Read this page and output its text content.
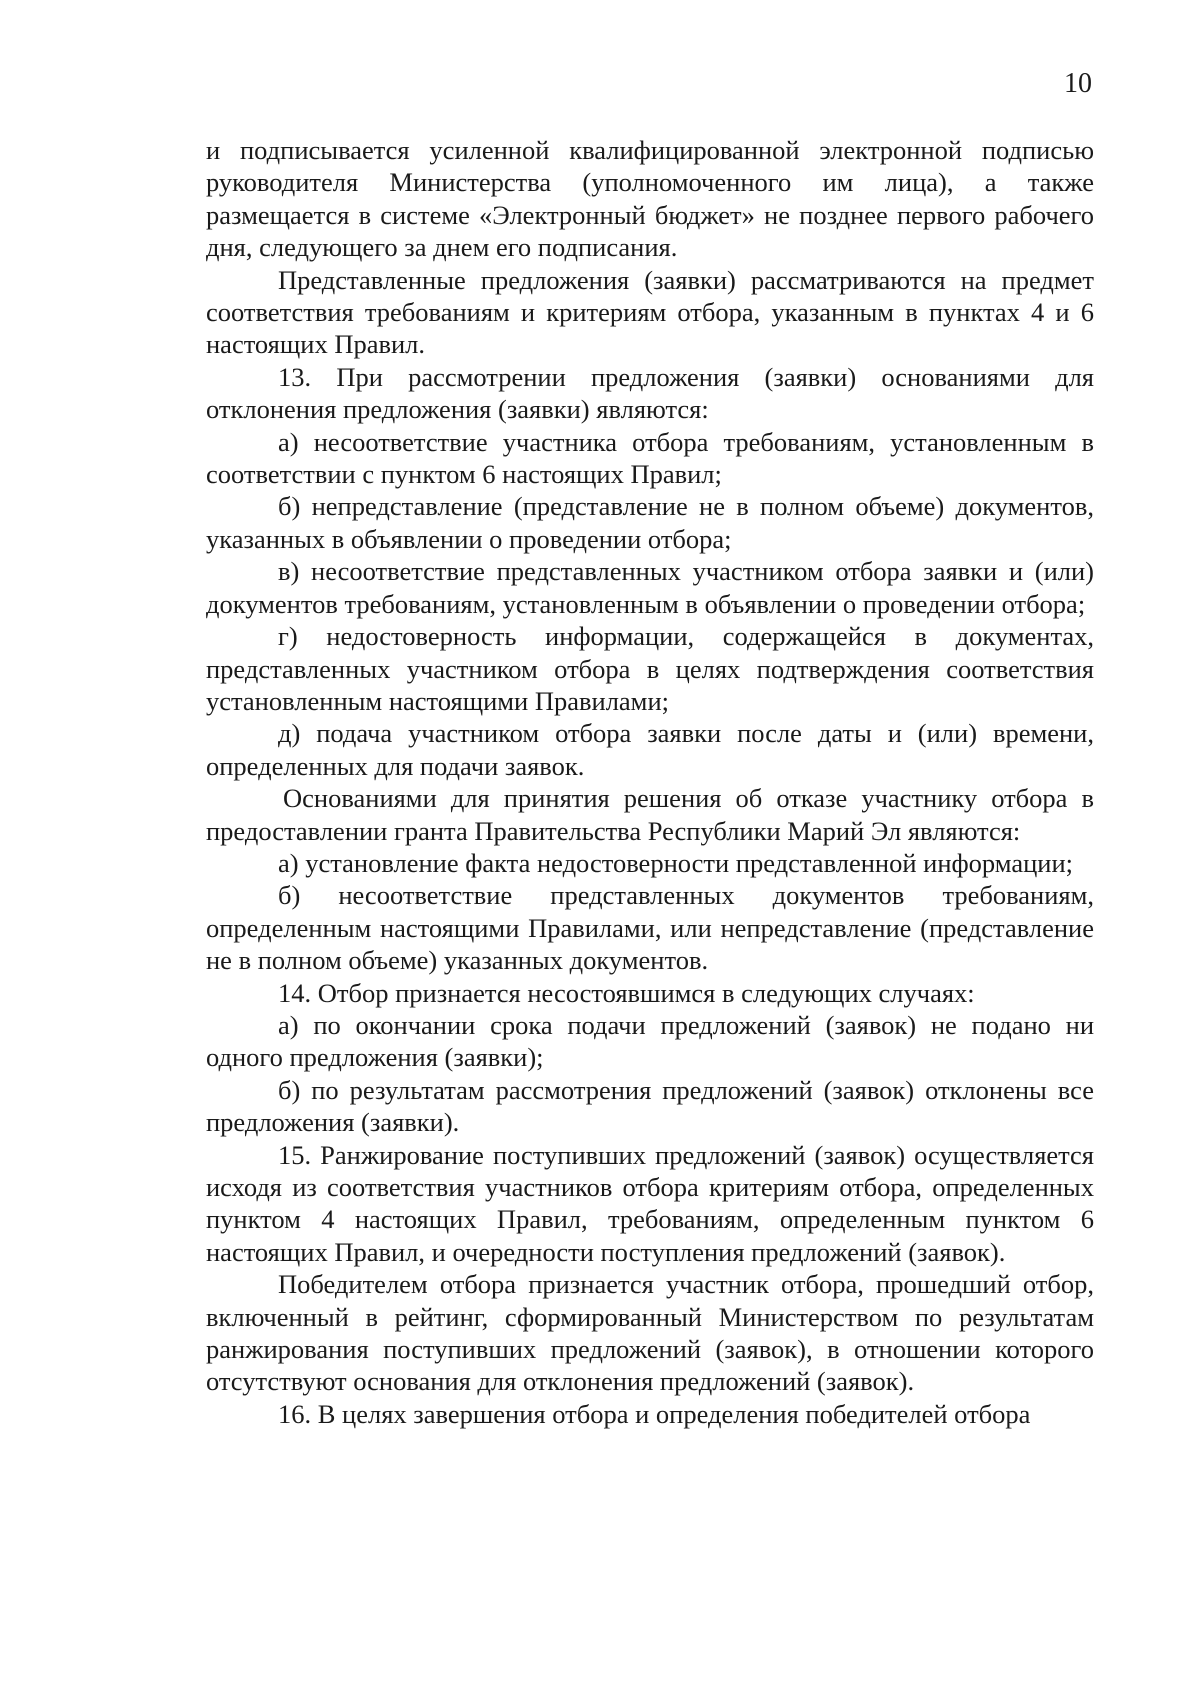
10

и подписывается усиленной квалифицированной электронной подписью руководителя Министерства (уполномоченного им лица), а также размещается в системе «Электронный бюджет» не позднее первого рабочего дня, следующего за днем его подписания.

Представленные предложения (заявки) рассматриваются на предмет соответствия требованиям и критериям отбора, указанным в пунктах 4 и 6 настоящих Правил.

13. При рассмотрении предложения (заявки) основаниями для отклонения предложения (заявки) являются:

а) несоответствие участника отбора требованиям, установленным в соответствии с пунктом 6 настоящих Правил;

б) непредставление (представление не в полном объеме) документов, указанных в объявлении о проведении отбора;

в) несоответствие представленных участником отбора заявки и (или) документов требованиям, установленным в объявлении о проведении отбора;

г) недостоверность информации, содержащейся в документах, представленных участником отбора в целях подтверждения соответствия установленным настоящими Правилами;

д) подача участником отбора заявки после даты и (или) времени, определенных для подачи заявок.

Основаниями для принятия решения об отказе участнику отбора в предоставлении гранта Правительства Республики Марий Эл являются:

а) установление факта недостоверности представленной информации;

б) несоответствие представленных документов требованиям, определенным настоящими Правилами, или непредставление (представление не в полном объеме) указанных документов.

14. Отбор признается несостоявшимся в следующих случаях:

а) по окончании срока подачи предложений (заявок) не подано ни одного предложения (заявки);

б) по результатам рассмотрения предложений (заявок) отклонены все предложения (заявки).

15. Ранжирование поступивших предложений (заявок) осуществляется исходя из соответствия участников отбора критериям отбора, определенных пунктом 4 настоящих Правил, требованиям, определенным пунктом 6 настоящих Правил, и очередности поступления предложений (заявок).

Победителем отбора признается участник отбора, прошедший отбор, включенный в рейтинг, сформированный Министерством по результатам ранжирования поступивших предложений (заявок), в отношении которого отсутствуют основания для отклонения предложений (заявок).

16. В целях завершения отбора и определения победителей отбора
